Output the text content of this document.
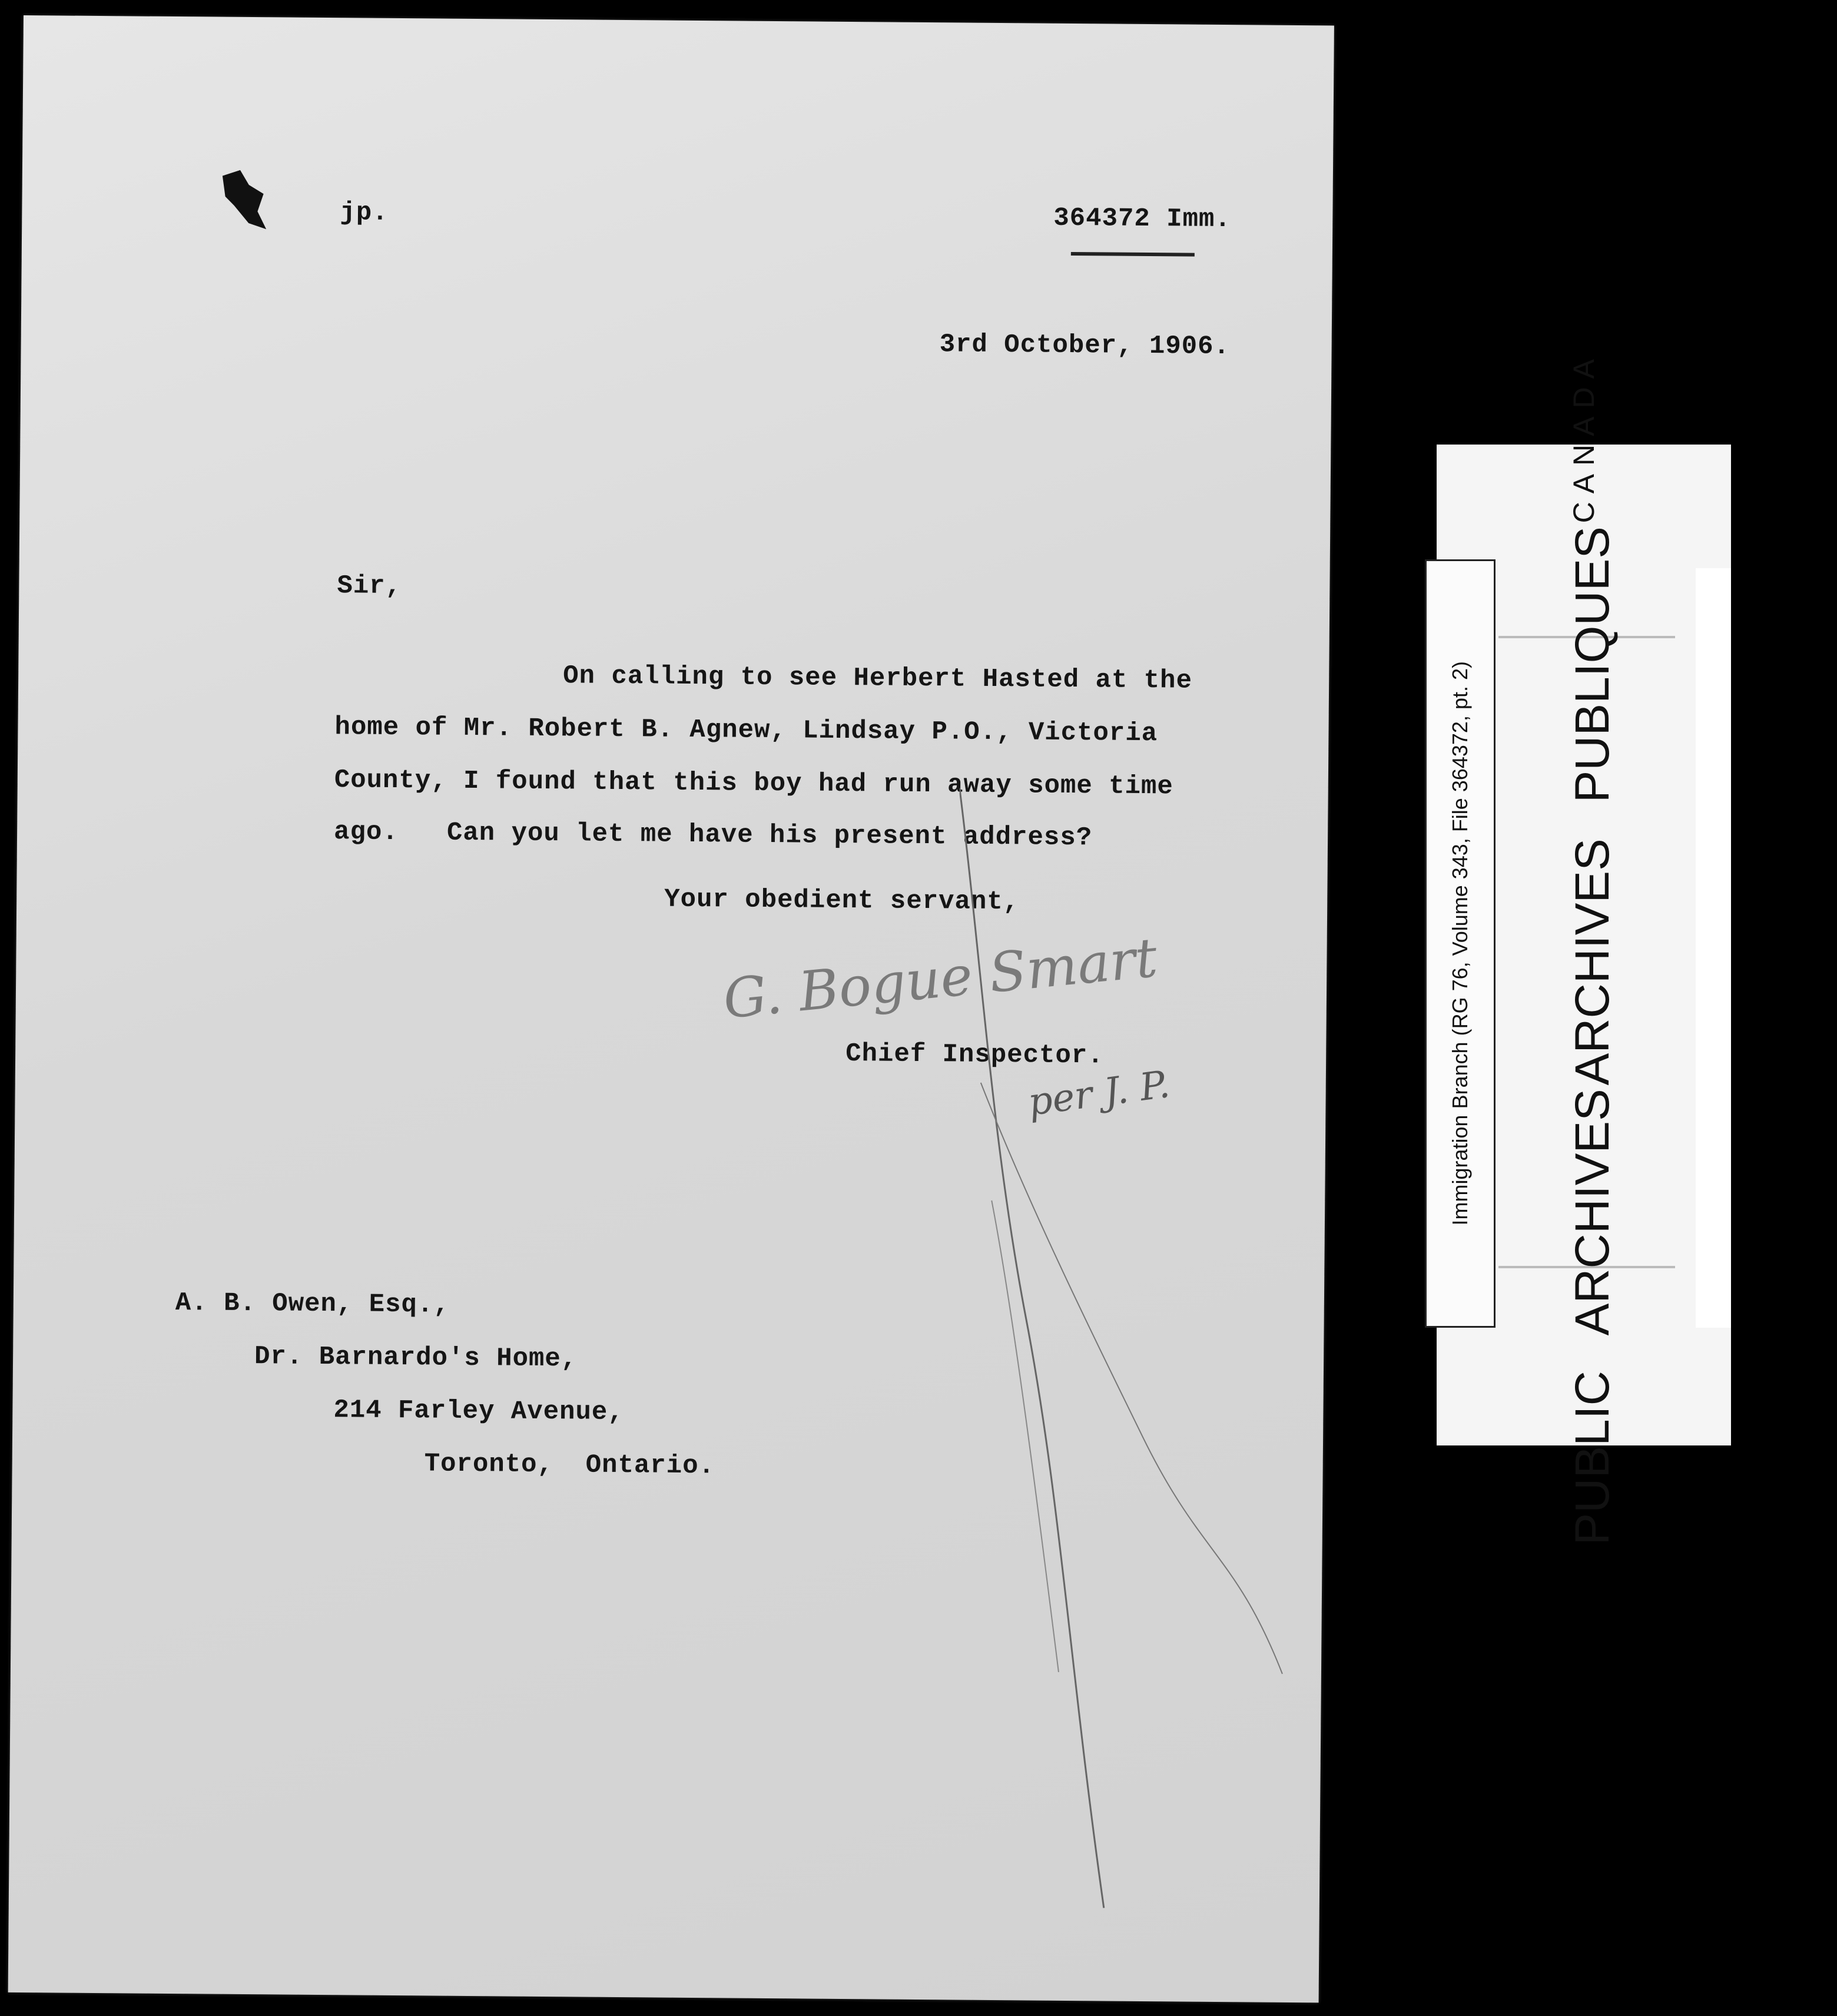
jp.	364372 Imm.
3rd October, 1906.
Sir,
On calling to see Herbert Hasted at the
home of Mr. Robert B. Agnew, Lindsay P.O., Victoria
County, I found that this boy had run away some time
ago.   Can you let me have his present address?
Your obedient servant,
G. Bogue Smart
Chief Inspector.
per J. P.
A. B. Owen, Esq.,
Dr. Barnardo's Home,
214 Farley Avenue,
Toronto,  Ontario.
Immigration Branch (RG 76, Volume 343, File 364372, pt. 2)
PUBLIC
ARCHIVES
ARCHIVES
PUBLIQUES
CANADA
